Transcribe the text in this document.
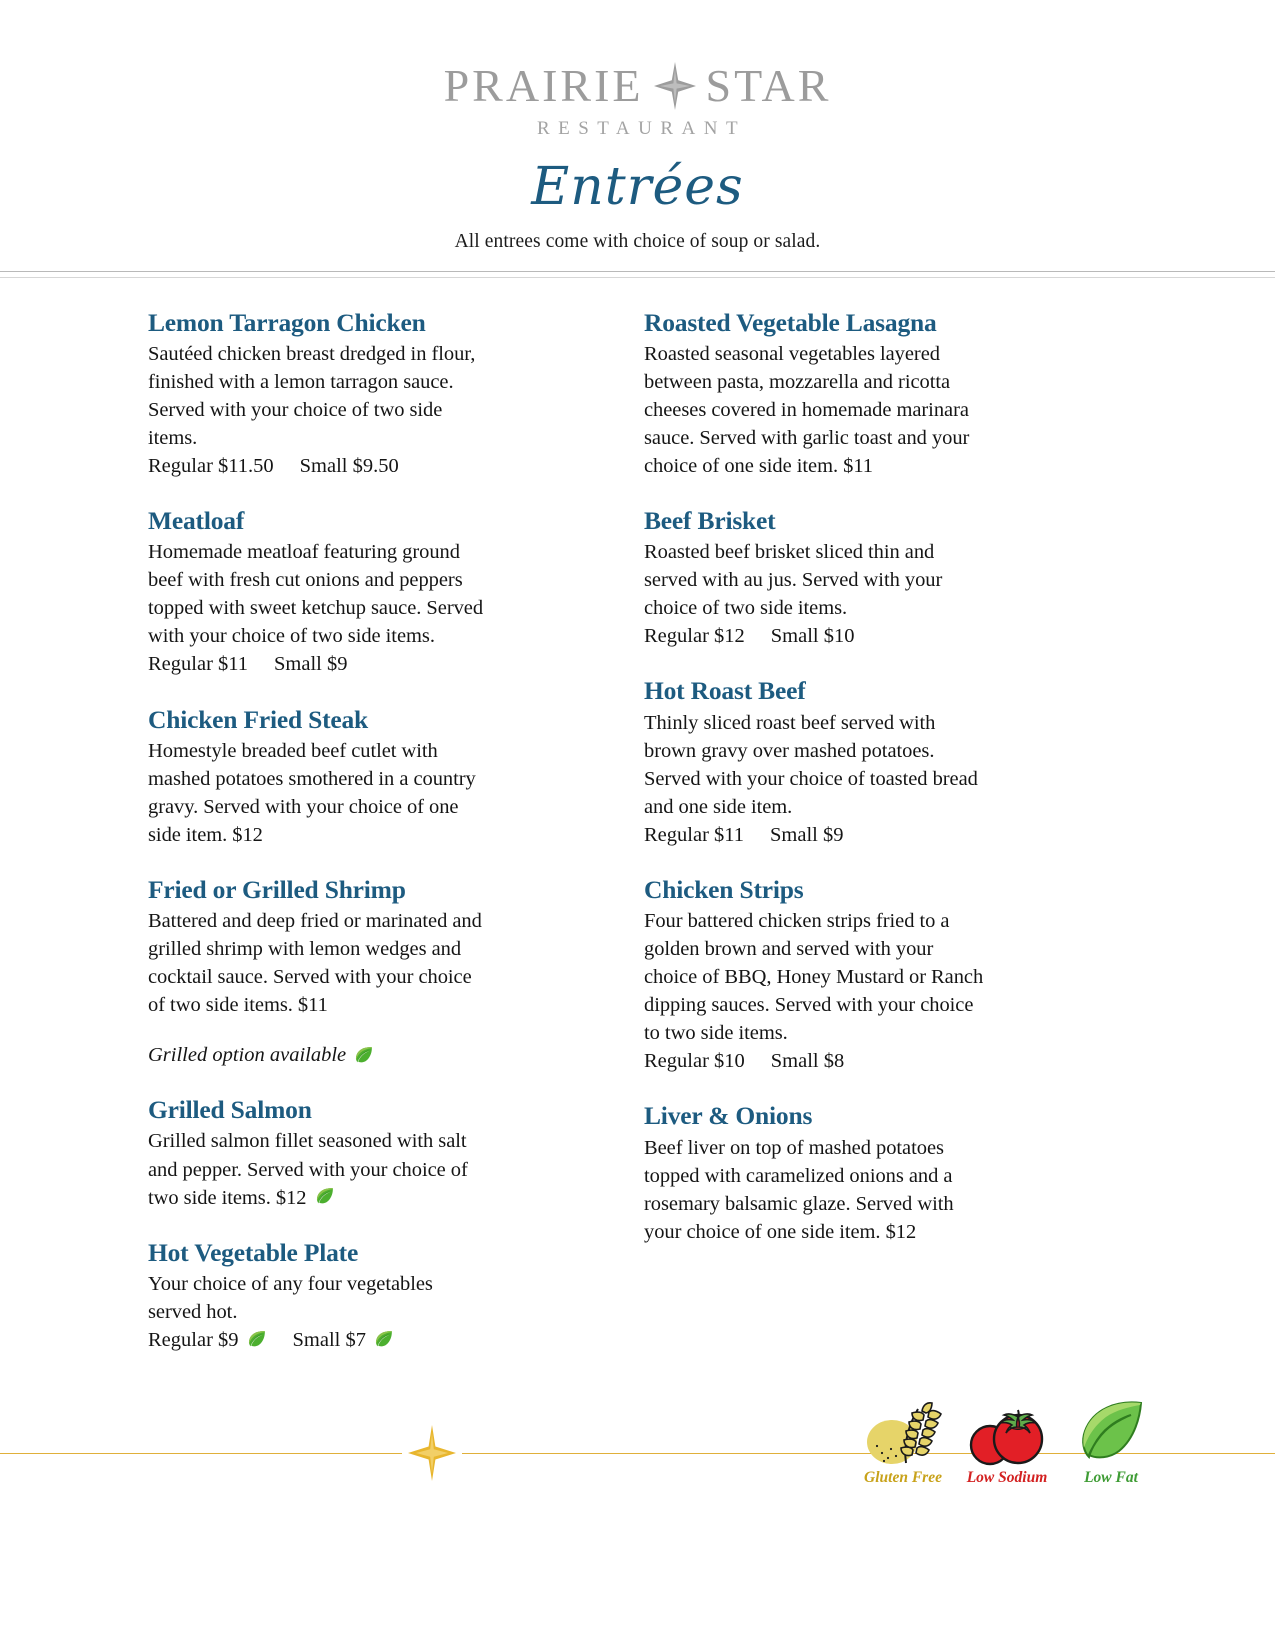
PRAIRIE STAR
RESTAURANT
Entrées
All entrees come with choice of soup or salad.
Lemon Tarragon Chicken
Sautéed chicken breast dredged in flour, finished with a lemon tarragon sauce. Served with your choice of two side items.
Regular $11.50 Small $9.50
Meatloaf
Homemade meatloaf featuring ground beef with fresh cut onions and peppers topped with sweet ketchup sauce. Served with your choice of two side items.
Regular $11 Small $9
Chicken Fried Steak
Homestyle breaded beef cutlet with mashed potatoes smothered in a country gravy. Served with your choice of one side item. $12
Fried or Grilled Shrimp
Battered and deep fried or marinated and grilled shrimp with lemon wedges and cocktail sauce. Served with your choice of two side items. $11
Grilled option available
Grilled Salmon
Grilled salmon fillet seasoned with salt and pepper. Served with your choice of two side items. $12
Hot Vegetable Plate
Your choice of any four vegetables served hot.
Regular $9	Small $7
Roasted Vegetable Lasagna
Roasted seasonal vegetables layered between pasta, mozzarella and ricotta cheeses covered in homemade marinara sauce. Served with garlic toast and your choice of one side item. $11
Beef Brisket
Roasted beef brisket sliced thin and served with au jus. Served with your choice of two side items.
Regular $12 Small $10
Hot Roast Beef
Thinly sliced roast beef served with brown gravy over mashed potatoes. Served with your choice of toasted bread and one side item.
Regular $11 Small $9
Chicken Strips
Four battered chicken strips fried to a golden brown and served with your choice of BBQ, Honey Mustard or Ranch dipping sauces. Served with your choice to two side items.
Regular $10 Small $8
Liver & Onions
Beef liver on top of mashed potatoes topped with caramelized onions and a rosemary balsamic glaze. Served with your choice of one side item. $12
Gluten Free Low Sodium Low Fat
